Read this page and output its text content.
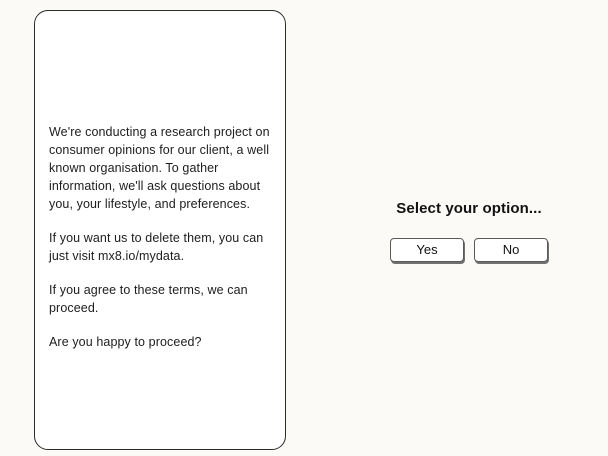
We're conducting a research project on consumer opinions for our client, a well known organisation. To gather information, we'll ask questions about you, your lifestyle, and preferences.

If you want us to delete them, you can just visit mx8.io/mydata.

If you agree to these terms, we can proceed.

Are you happy to proceed?

Select your option...
Yes	No
